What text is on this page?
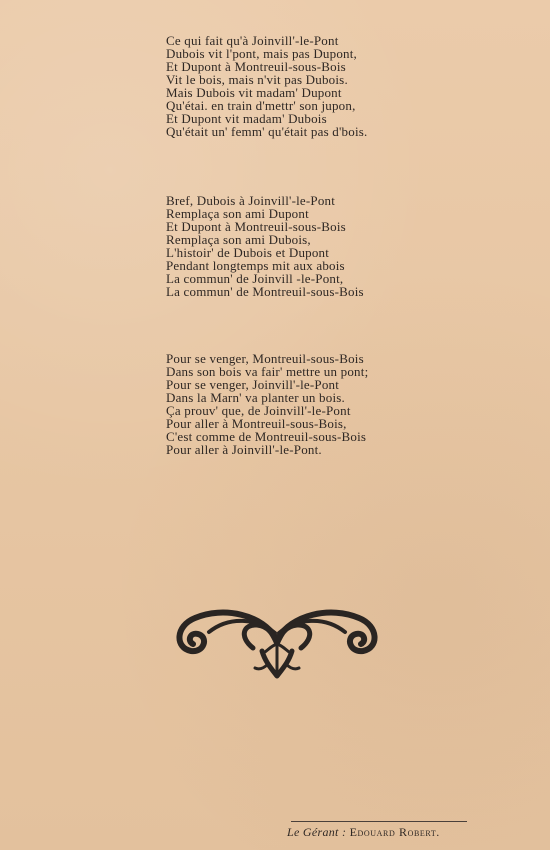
Ce qui fait qu'à Joinvill'-le-Pont
Dubois vit l'pont, mais pas Dupont,
Et Dupont à Montreuil-sous-Bois
Vit le bois, mais n'vit pas Dubois.
Mais Dubois vit madam' Dupont
Qu'étai. en train d'mettr' son jupon,
Et Dupont vit madam' Dubois
Qu'était un' femm' qu'était pas d'bois.
Bref, Dubois à Joinvill'-le-Pont
Remplaça son ami Dupont
Et Dupont à Montreuil-sous-Bois
Remplaça son ami Dubois,
L'histoir' de Dubois et Dupont
Pendant longtemps mit aux abois
La commun' de Joinvill -le-Pont,
La commun' de Montreuil-sous-Bois
Pour se venger, Montreuil-sous-Bois
Dans son bois va fair' mettre un pont;
Pour se venger, Joinvill'-le-Pont
Dans la Marn' va planter un bois.
Ça prouv' que, de Joinvill'-le-Pont
Pour aller à Montreuil-sous-Bois,
C'est comme de Montreuil-sous-Bois
Pour aller à Joinvill'-le-Pont.
Le Gérant : Edouard Robert.
